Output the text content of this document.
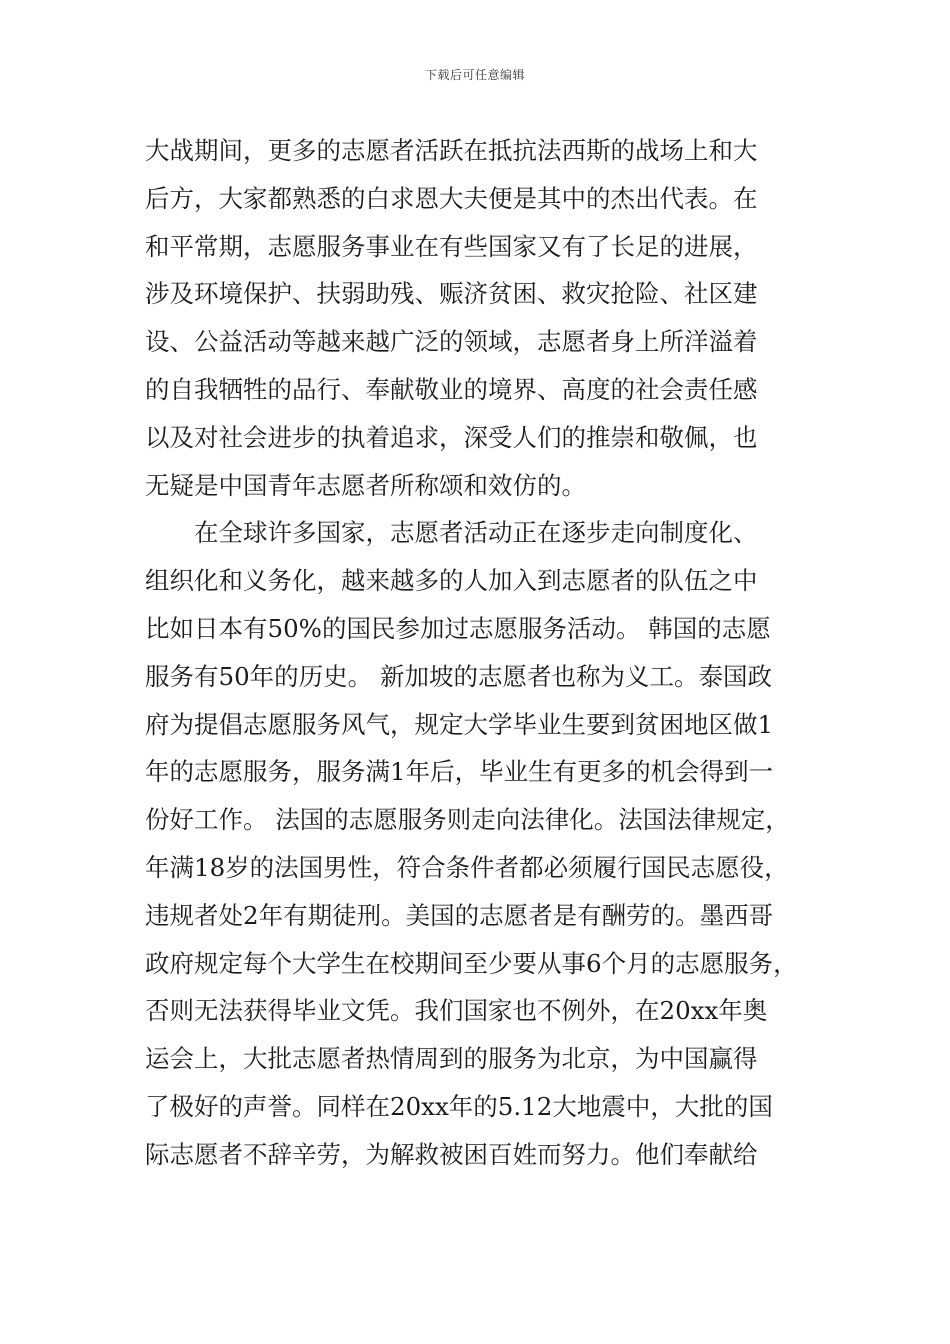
下载后可任意编辑
大战期间，更多的志愿者活跃在抵抗法西斯的战场上和大
后方，大家都熟悉的白求恩大夫便是其中的杰出代表。在
和平常期，志愿服务事业在有些国家又有了长足的进展，
涉及环境保护、扶弱助残、赈济贫困、救灾抢险、社区建
设、公益活动等越来越广泛的领域，志愿者身上所洋溢着
的自我牺牲的品行、奉献敬业的境界、高度的社会责任感
以及对社会进步的执着追求，深受人们的推崇和敬佩，也
无疑是中国青年志愿者所称颂和效仿的。
　　在全球许多国家，志愿者活动正在逐步走向制度化、
组织化和义务化，越来越多的人加入到志愿者的队伍之中
比如日本有50%的国民参加过志愿服务活动。 韩国的志愿
服务有50年的历史。 新加坡的志愿者也称为义工。泰国政
府为提倡志愿服务风气，规定大学毕业生要到贫困地区做1
年的志愿服务，服务满1年后，毕业生有更多的机会得到一
份好工作。 法国的志愿服务则走向法律化。法国法律规定，
年满18岁的法国男性，符合条件者都必须履行国民志愿役，
违规者处2年有期徒刑。美国的志愿者是有酬劳的。墨西哥
政府规定每个大学生在校期间至少要从事6个月的志愿服务，
否则无法获得毕业文凭。我们国家也不例外，在20xx年奥
运会上，大批志愿者热情周到的服务为北京，为中国赢得
了极好的声誉。同样在20xx年的5.12大地震中，大批的国
际志愿者不辞辛劳，为解救被困百姓而努力。他们奉献给
